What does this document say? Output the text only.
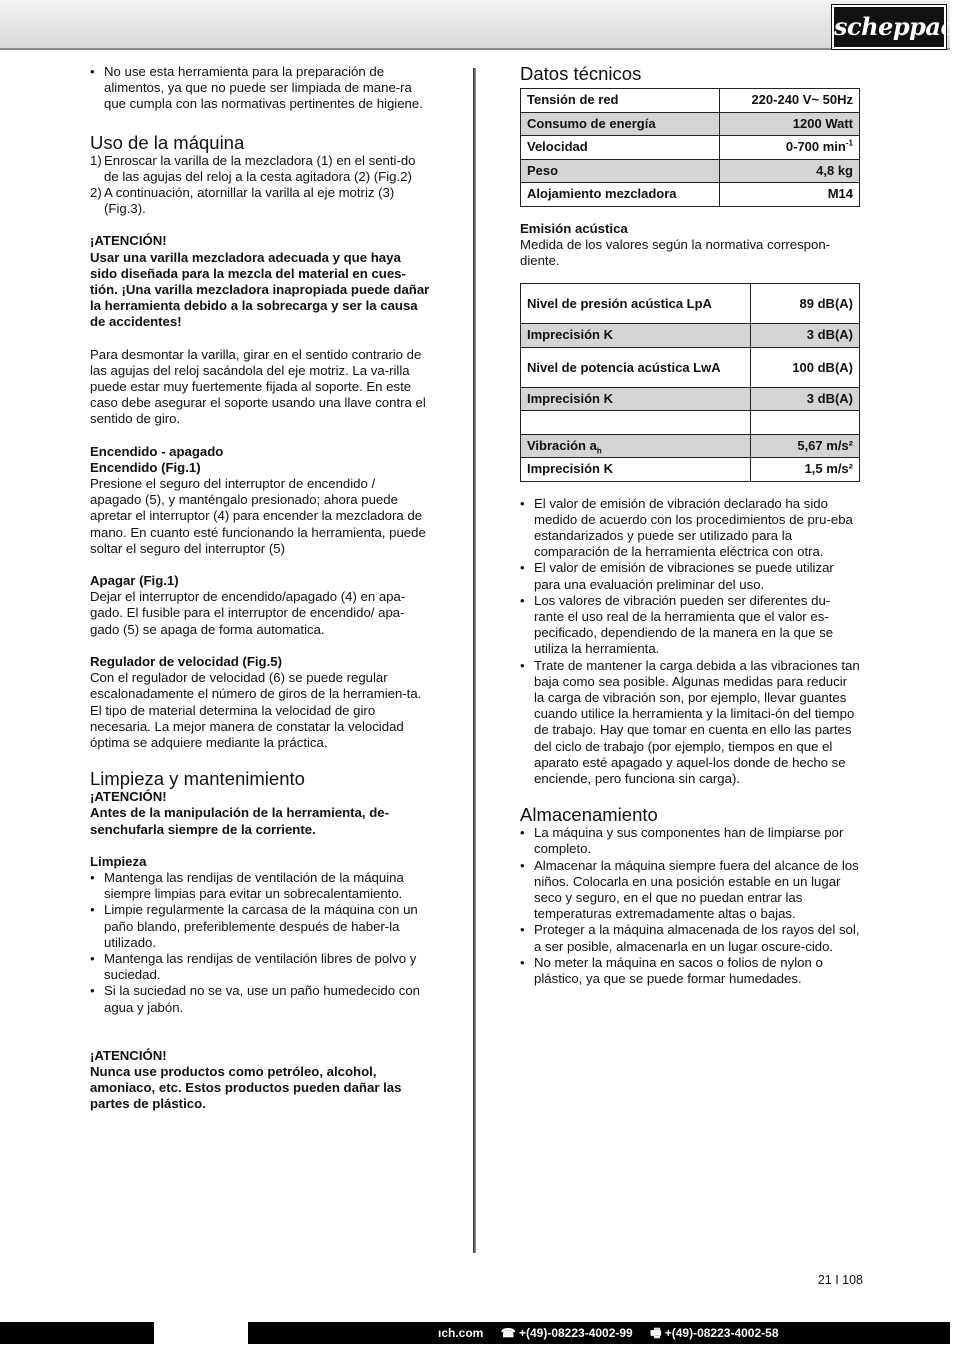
scheppach
• No use esta herramienta para la preparación de alimentos, ya que no puede ser limpiada de mane-ra que cumpla con las normativas pertinentes de higiene.
Uso de la máquina
1) Enroscar la varilla de la mezcladora (1) en el senti-do de las agujas del reloj a la cesta agitadora (2) (Fig.2)
2) A continuación, atornillar la varilla al eje motriz (3) (Fig.3).

¡ATENCIÓN!

Usar una varilla mezcladora adecuada y que haya sido diseñada para la mezcla del material en cues-tión. ¡Una varilla mezcladora inapropiada puede dañar la herramienta debido a la sobrecarga y ser la causa de accidentes!

Para desmontar la varilla, girar en el sentido contrario de las agujas del reloj sacándola del eje motriz. La va-rilla puede estar muy fuertemente fijada al soporte. En este caso debe asegurar el soporte usando una llave contra el sentido de giro.

Encendido - apagado

Encendido (Fig.1)

Presione el seguro del interruptor de encendido / apagado (5), y manténgalo presionado; ahora puede apretar el interruptor (4) para encender la mezcladora de mano. En cuanto esté funcionando la herramienta, puede soltar el seguro del interruptor (5)

Apagar (Fig.1)

Dejar el interruptor de encendido/apagado (4) en apa-gado. El fusible para el interruptor de encendido/ apa-gado (5) se apaga de forma automatica.

Regulador de velocidad (Fig.5)

Con el regulador de velocidad (6) se puede regular escalonadamente el número de giros de la herramien-ta. El tipo de material determina la velocidad de giro necesaria. La mejor manera de constatar la velocidad óptima se adquiere mediante la práctica.

Limpieza y mantenimiento

¡ATENCIÓN!

Antes de la manipulación de la herramienta, de-senchufarla siempre de la corriente.

Limpieza

• Mantenga las rendijas de ventilación de la máquina siempre limpias para evitar un sobrecalentamiento.
• Limpie regularmente la carcasa de la máquina con un paño blando, preferiblemente después de haber-la utilizado.
• Mantenga las rendijas de ventilación libres de polvo y suciedad.
• Si la suciedad no se va, use un paño humedecido con agua y jabón.

¡ATENCIÓN!

Nunca use productos como petróleo, alcohol, amoniaco, etc. Estos productos pueden dañar las partes de plástico.

Datos técnicos
Tensión de red	220-240 V~ 50Hz
Consumo de energía	1200 Watt
Velocidad	0-700 $\min^{-1}$
Peso	4,8 kg
Alojamiento mezcladora	M14

Emisión acústica

Medida de los valores según la normativa correspon-diente.

Nivel de presión acústica LpA	89 dB(A)
Imprecisión K	3 dB(A)
Nivel de potencia acústica LwA	100 dB(A)
Imprecisión K	3 dB(A)

Vibración $a_h$	5,67 m/s²
Imprecisión K	1,5 m/s²
• El valor de emisión de vibración declarado ha sido medido de acuerdo con los procedimientos de pru-eba estandarizados y puede ser utilizado para la comparación de la herramienta eléctrica con otra.
• El valor de emisión de vibraciones se puede utilizar para una evaluación preliminar del uso.
• Los valores de vibración pueden ser diferentes du-rante el uso real de la herramienta que el valor es-pecificado, dependiendo de la manera en la que se utiliza la herramienta.
• Trate de mantener la carga debida a las vibraciones tan baja como sea posible. Algunas medidas para reducir la carga de vibración son, por ejemplo, llevar guantes cuando utilice la herramienta y la limitaci-ón del tiempo de trabajo. Hay que tomar en cuenta en ello las partes del ciclo de trabajo (por ejemplo, tiempos en que el aparato esté apagado y aquel-los donde de hecho se enciende, pero funciona sin carga).
Almacenamiento
• La máquina y sus componentes han de limpiarse por completo.
• Almacenar la máquina siempre fuera del alcance de los niños. Colocarla en una posición estable en un lugar seco y seguro, en el que no puedan entrar las temperaturas extremadamente altas o bajas.
• Proteger a la máquina almacenada de los rayos del sol, a ser posible, almacenarla en un lugar oscure-cido.
• No meter la máquina en sacos o folios de nylon o plástico, ya que se puede formar humedades.
21 I 108
ıch.com ☎ +(49)-08223-4002-99 🖷 +(49)-08223-4002-58
